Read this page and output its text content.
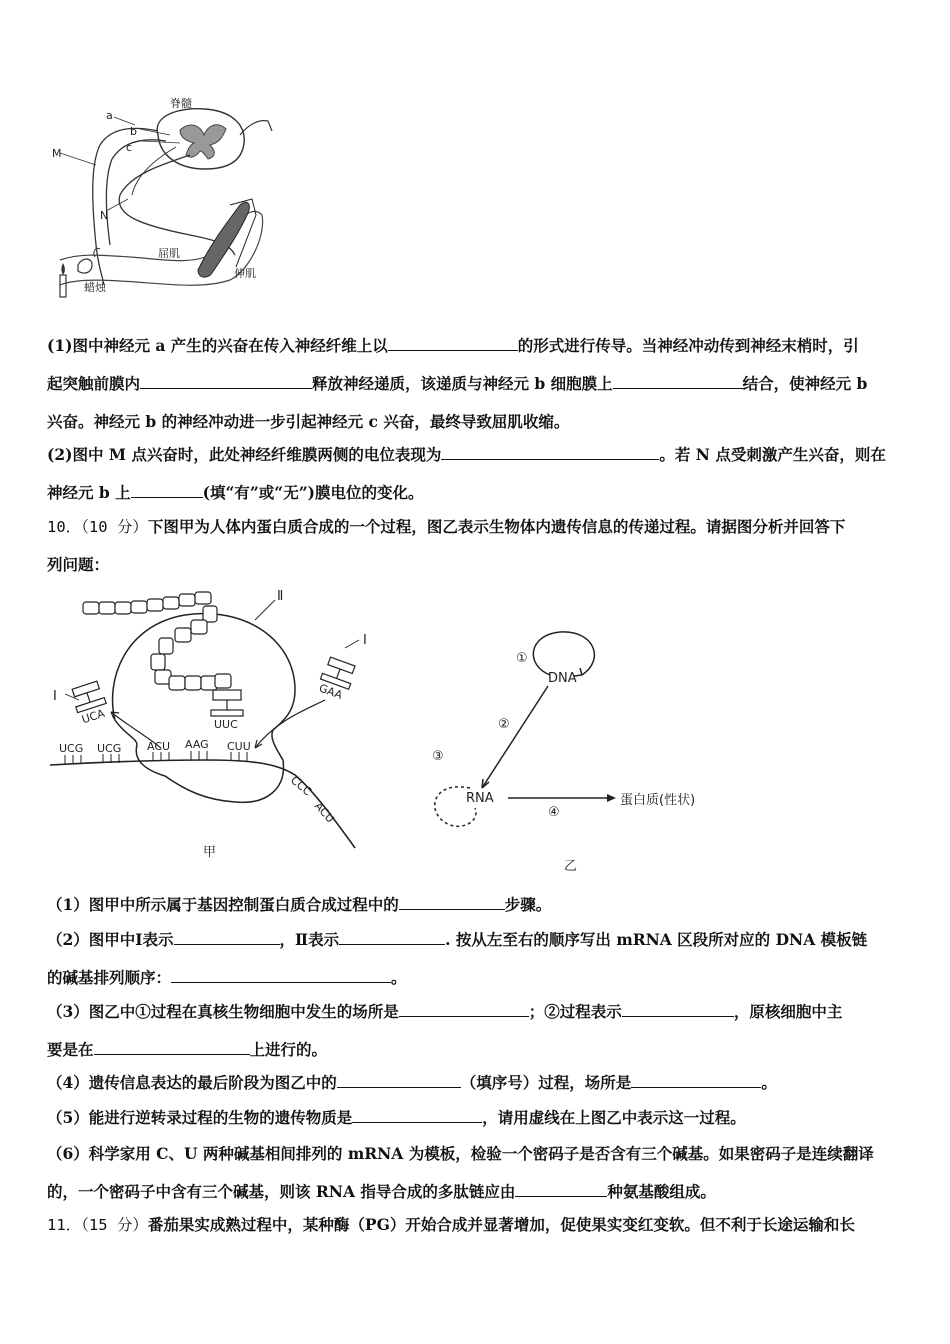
脊髓
a
b
c
M
N
屈肌
伸肌
蜡烛
(1)图中神经元 a 产生的兴奋在传入神经纤维上以	的形式进行传导。当神经冲动传到神经末梢时，引
起突触前膜内	释放神经递质，该递质与神经元 b 细胞膜上	结合，使神经元 b
兴奋。神经元 b 的神经冲动进一步引起神经元 c 兴奋，最终导致屈肌收缩。
(2)图中 M 点兴奋时，此处神经纤维膜两侧的电位表现为	。若 N 点受刺激产生兴奋，则在
神经元 b 上	(填“有”或“无”)膜电位的变化。
10．（10 分）下图甲为人体内蛋白质合成的一个过程，图乙表示生物体内遗传信息的传递过程。请据图分析并回答下
列问题：
UUC
GAA
Ⅰ
UCA
Ⅰ
Ⅱ
UCG UCG ACU AAG CUU
CCC
ACU
甲
DNA
①
②
③
RNA
④
蛋白质(性状)
乙
（1）图甲中所示属于基因控制蛋白质合成过程中的	步骤。
（2）图甲中Ⅰ表示	，Ⅱ表示	. 按从左至右的顺序写出 mRNA 区段所对应的 DNA 模板链
的碱基排列顺序：	。
（3）图乙中①过程在真核生物细胞中发生的场所是	；②过程表示	，原核细胞中主
要是在	上进行的。
（4）遗传信息表达的最后阶段为图乙中的	（填序号）过程，场所是	。
（5）能进行逆转录过程的生物的遗传物质是	，请用虚线在上图乙中表示这一过程。
（6）科学家用 C、U 两种碱基相间排列的 mRNA 为模板，检验一个密码子是否含有三个碱基。如果密码子是连续翻译
的，一个密码子中含有三个碱基，则该 RNA 指导合成的多肽链应由	种氨基酸组成。
11．（15 分）番茄果实成熟过程中，某种酶（PG）开始合成并显著增加，促使果实变红变软。但不利于长途运输和长
